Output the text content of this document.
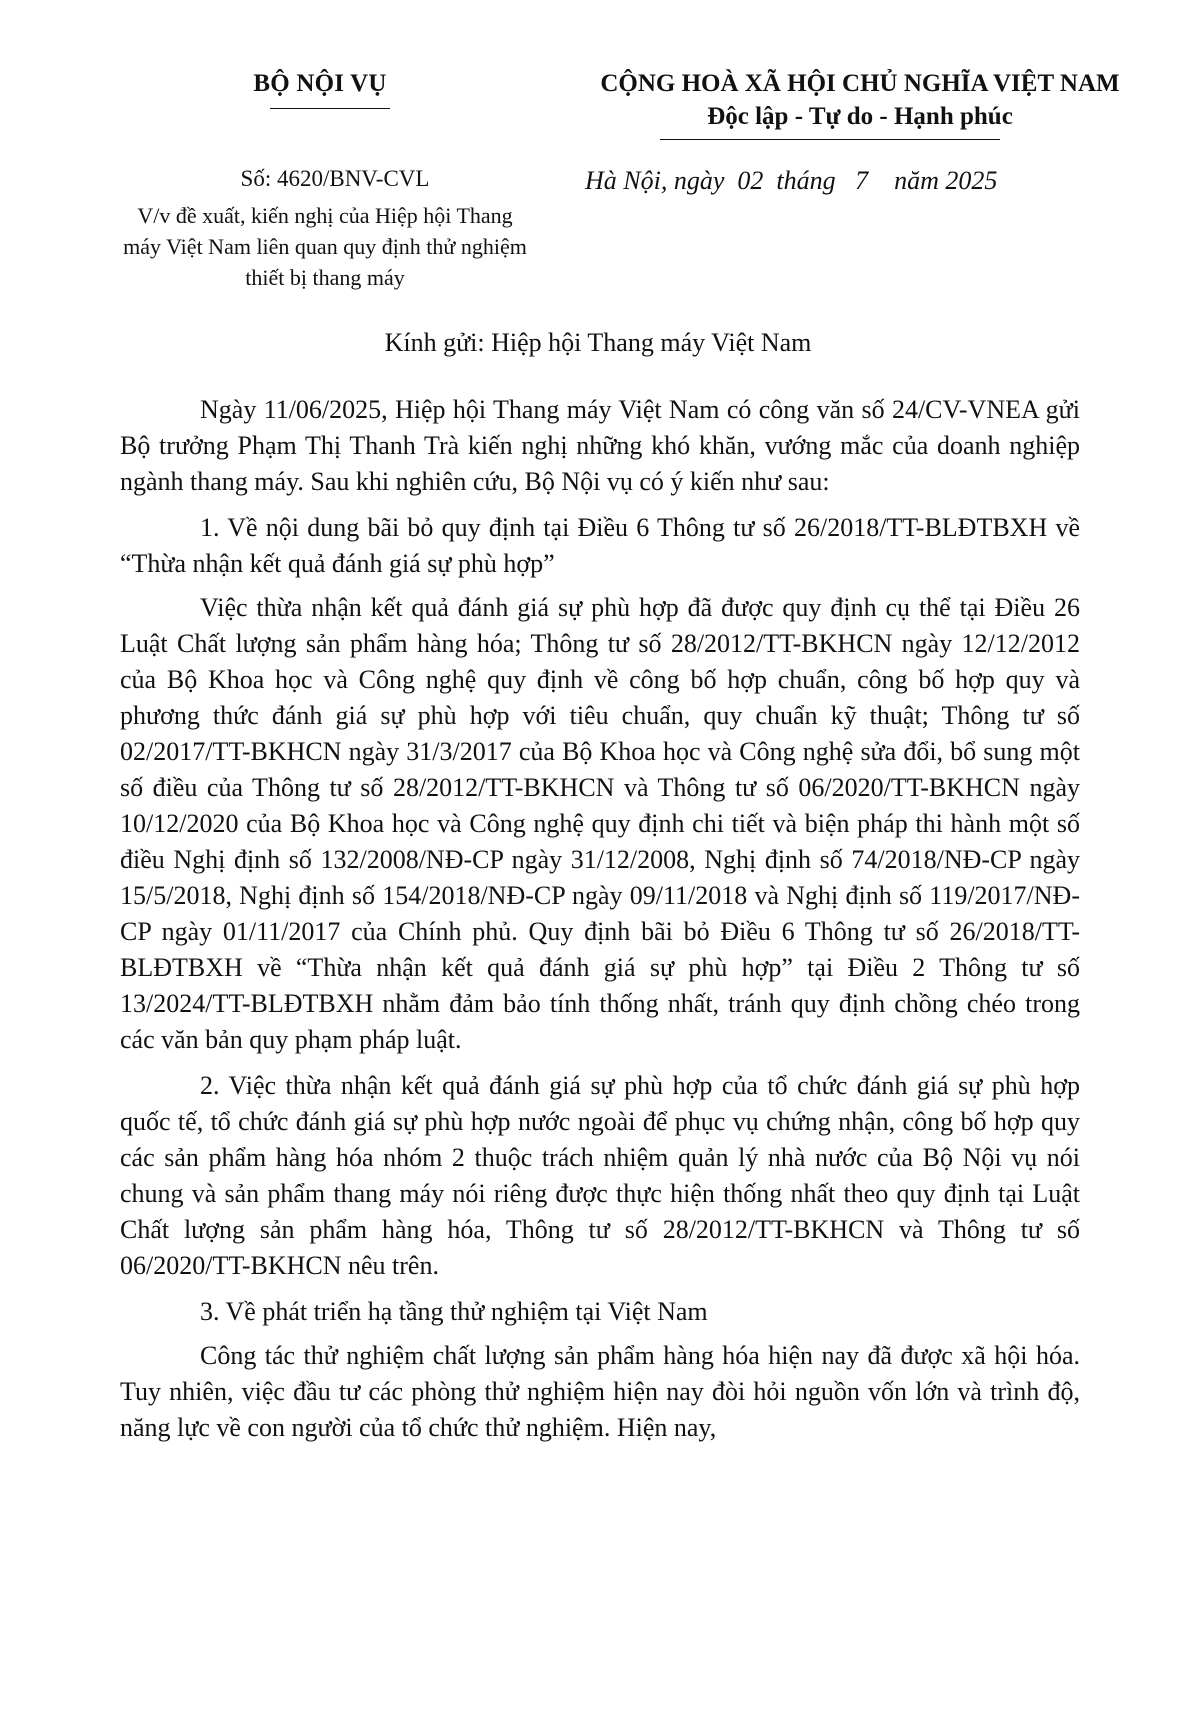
BỘ NỘI VỤ	CỘNG HOÀ XÃ HỘI CHỦ NGHĨA VIỆT NAM
Độc lập - Tự do - Hạnh phúc
Số: 4620/BNV-CVL
V/v đề xuất, kiến nghị của Hiệp hội Thang máy Việt Nam liên quan quy định thử nghiệm thiết bị thang máy
Hà Nội, ngày 02 tháng 7 năm 2025
Kính gửi: Hiệp hội Thang máy Việt Nam

Ngày 11/06/2025, Hiệp hội Thang máy Việt Nam có công văn số 24/CV-VNEA gửi Bộ trưởng Phạm Thị Thanh Trà kiến nghị những khó khăn, vướng mắc của doanh nghiệp ngành thang máy. Sau khi nghiên cứu, Bộ Nội vụ có ý kiến như sau:

1. Về nội dung bãi bỏ quy định tại Điều 6 Thông tư số 26/2018/TT-BLĐTBXH về “Thừa nhận kết quả đánh giá sự phù hợp”

Việc thừa nhận kết quả đánh giá sự phù hợp đã được quy định cụ thể tại Điều 26 Luật Chất lượng sản phẩm hàng hóa; Thông tư số 28/2012/TT-BKHCN ngày 12/12/2012 của Bộ Khoa học và Công nghệ quy định về công bố hợp chuẩn, công bố hợp quy và phương thức đánh giá sự phù hợp với tiêu chuẩn, quy chuẩn kỹ thuật; Thông tư số 02/2017/TT-BKHCN ngày 31/3/2017 của Bộ Khoa học và Công nghệ sửa đổi, bổ sung một số điều của Thông tư số 28/2012/TT-BKHCN và Thông tư số 06/2020/TT-BKHCN ngày 10/12/2020 của Bộ Khoa học và Công nghệ quy định chi tiết và biện pháp thi hành một số điều Nghị định số 132/2008/NĐ-CP ngày 31/12/2008, Nghị định số 74/2018/NĐ-CP ngày 15/5/2018, Nghị định số 154/2018/NĐ-CP ngày 09/11/2018 và Nghị định số 119/2017/NĐ-CP ngày 01/11/2017 của Chính phủ. Quy định bãi bỏ Điều 6 Thông tư số 26/2018/TT-BLĐTBXH về “Thừa nhận kết quả đánh giá sự phù hợp” tại Điều 2 Thông tư số 13/2024/TT-BLĐTBXH nhằm đảm bảo tính thống nhất, tránh quy định chồng chéo trong các văn bản quy phạm pháp luật.

2. Việc thừa nhận kết quả đánh giá sự phù hợp của tổ chức đánh giá sự phù hợp quốc tế, tổ chức đánh giá sự phù hợp nước ngoài để phục vụ chứng nhận, công bố hợp quy các sản phẩm hàng hóa nhóm 2 thuộc trách nhiệm quản lý nhà nước của Bộ Nội vụ nói chung và sản phẩm thang máy nói riêng được thực hiện thống nhất theo quy định tại Luật Chất lượng sản phẩm hàng hóa, Thông tư số 28/2012/TT-BKHCN và Thông tư số 06/2020/TT-BKHCN nêu trên.

3. Về phát triển hạ tầng thử nghiệm tại Việt Nam

Công tác thử nghiệm chất lượng sản phẩm hàng hóa hiện nay đã được xã hội hóa. Tuy nhiên, việc đầu tư các phòng thử nghiệm hiện nay đòi hỏi nguồn vốn lớn và trình độ, năng lực về con người của tổ chức thử nghiệm. Hiện nay,
